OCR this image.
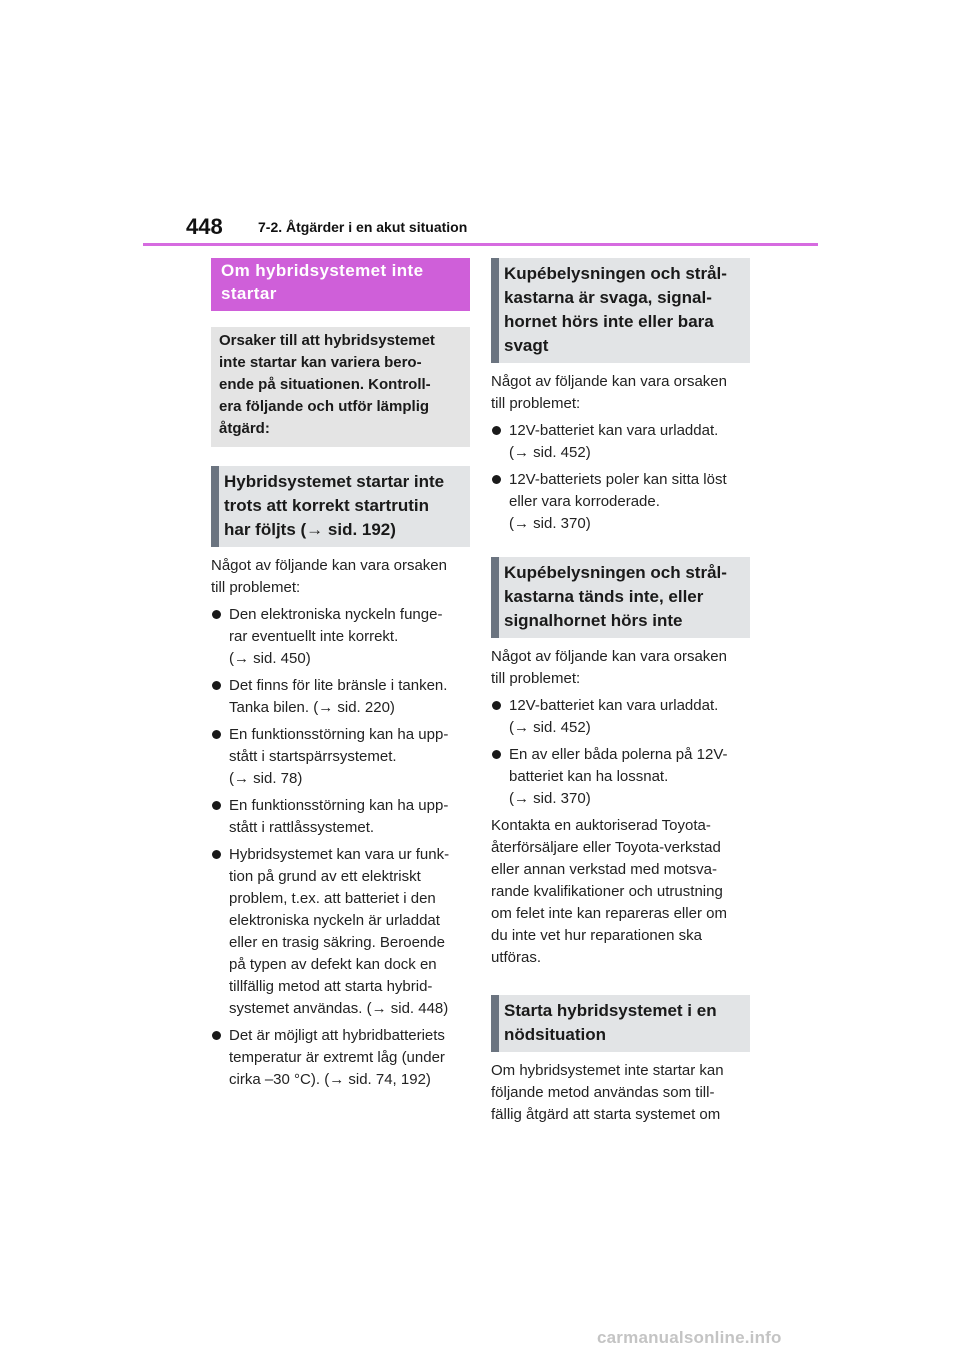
448	7-2. Åtgärder i en akut situation
Om hybridsystemet inte
startar
Orsaker till att hybridsystemet
inte startar kan variera bero-
ende på situationen. Kontroll-
era följande och utför lämplig
åtgärd:
Hybridsystemet startar inte
trots att korrekt startrutin
har följts (→ sid. 192)

Något av följande kan vara orsaken
till problemet:

Den elektroniska nyckeln funge-
rar eventuellt inte korrekt.
(→ sid. 450)
Det finns för lite bränsle i tanken.
Tanka bilen. (→ sid. 220)
En funktionsstörning kan ha upp-
stått i startspärrsystemet.
(→ sid. 78)
En funktionsstörning kan ha upp-
stått i rattlåssystemet.
Hybridsystemet kan vara ur funk-
tion på grund av ett elektriskt
problem, t.ex. att batteriet i den
elektroniska nyckeln är urladdat
eller en trasig säkring. Beroende
på typen av defekt kan dock en
tillfällig metod att starta hybrid-
systemet användas. (→ sid. 448)
Det är möjligt att hybridbatteriets
temperatur är extremt låg (under
cirka –30 °C). (→ sid. 74, 192)
Kupébelysningen och strål-
kastarna är svaga, signal-
hornet hörs inte eller bara
svagt

Något av följande kan vara orsaken
till problemet:

12V-batteriet kan vara urladdat.
(→ sid. 452)
12V-batteriets poler kan sitta löst
eller vara korroderade.
(→ sid. 370)
Kupébelysningen och strål-
kastarna tänds inte, eller
signalhornet hörs inte

Något av följande kan vara orsaken
till problemet:

12V-batteriet kan vara urladdat.
(→ sid. 452)
En av eller båda polerna på 12V-
batteriet kan ha lossnat.
(→ sid. 370)

Kontakta en auktoriserad Toyota-
återförsäljare eller Toyota-verkstad
eller annan verkstad med motsva-
rande kvalifikationer och utrustning
om felet inte kan repareras eller om
du inte vet hur reparationen ska
utföras.

Starta hybridsystemet i en
nödsituation

Om hybridsystemet inte startar kan
följande metod användas som till-
fällig åtgärd att starta systemet om

carmanualsonline.info
